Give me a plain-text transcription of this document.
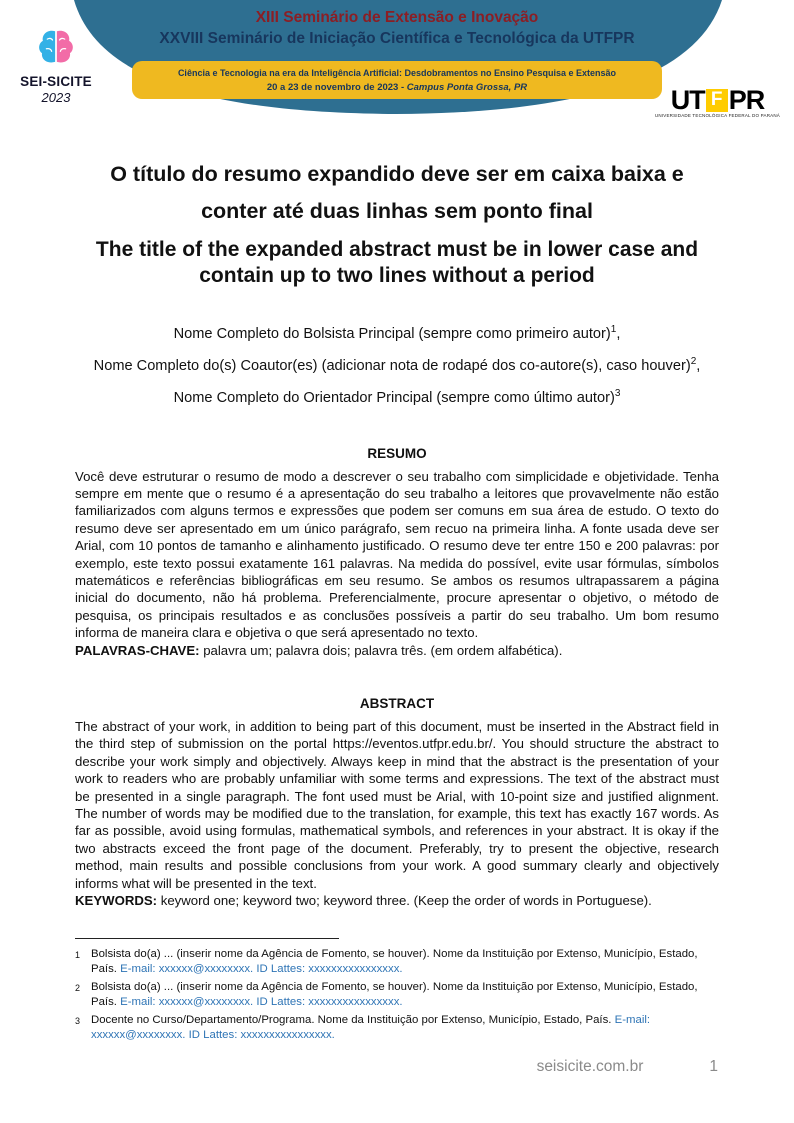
XIII Seminário de Extensão e Inovação
XXVIII Seminário de Iniciação Científica e Tecnológica da UTFPR
Ciência e Tecnologia na era da Inteligência Artificial: Desdobramentos no Ensino Pesquisa e Extensão
20 a 23 de novembro de 2023 - Campus Ponta Grossa, PR
SEI-SICITE
2023	UT F PR
UNIVERSIDADE TECNOLÓGICA FEDERAL DO PARANÁ
O título do resumo expandido deve ser em caixa baixa e
conter até duas linhas sem ponto final
The title of the expanded abstract must be in lower case and
contain up to two lines without a period
Nome Completo do Bolsista Principal (sempre como primeiro autor)$^1$,
Nome Completo do(s) Coautor(es) (adicionar nota de rodapé dos co-autore(s), caso houver)$^2$,
Nome Completo do Orientador Principal (sempre como último autor)$^3$
RESUMO
Você deve estruturar o resumo de modo a descrever o seu trabalho com simplicidade e objetividade. Tenha sempre em mente que o resumo é a apresentação do seu trabalho a leitores que provavelmente não estão familiarizados com alguns termos e expressões que podem ser comuns em sua área de estudo. O texto do resumo deve ser apresentado em um único parágrafo, sem recuo na primeira linha. A fonte usada deve ser Arial, com 10 pontos de tamanho e alinhamento justificado. O resumo deve ter entre 150 e 200 palavras: por exemplo, este texto possui exatamente 161 palavras. Na medida do possível, evite usar fórmulas, símbolos matemáticos e referências bibliográficas em seu resumo. Se ambos os resumos ultrapassarem a página inicial do documento, não há problema. Preferencialmente, procure apresentar o objetivo, o método de pesquisa, os principais resultados e as conclusões possíveis a partir do seu trabalho. Um bom resumo informa de maneira clara e objetiva o que será apresentado no texto.
PALAVRAS-CHAVE: palavra um; palavra dois; palavra três. (em ordem alfabética).
ABSTRACT
The abstract of your work, in addition to being part of this document, must be inserted in the Abstract field in the third step of submission on the portal https://eventos.utfpr.edu.br/. You should structure the abstract to describe your work simply and objectively. Always keep in mind that the abstract is the presentation of your work to readers who are probably unfamiliar with some terms and expressions. The text of the abstract must be presented in a single paragraph. The font used must be Arial, with 10-point size and justified alignment. The number of words may be modified due to the translation, for example, this text has exactly 167 words. As far as possible, avoid using formulas, mathematical symbols, and references in your abstract. It is okay if the two abstracts exceed the front page of the document. Preferably, try to present the objective, research method, main results and possible conclusions from your work. A good summary clearly and objectively informs what will be presented in the text.
KEYWORDS: keyword one; keyword two; keyword three. (Keep the order of words in Portuguese).
1 Bolsista do(a) ... (inserir nome da Agência de Fomento, se houver). Nome da Instituição por Extenso, Município, Estado, País. E-mail: xxxxxx@xxxxxxxx. ID Lattes: xxxxxxxxxxxxxxxx.
2 Bolsista do(a) ... (inserir nome da Agência de Fomento, se houver). Nome da Instituição por Extenso, Município, Estado, País. E-mail: xxxxxx@xxxxxxxx. ID Lattes: xxxxxxxxxxxxxxxx.
3 Docente no Curso/Departamento/Programa. Nome da Instituição por Extenso, Município, Estado, País. E-mail: xxxxxx@xxxxxxxx. ID Lattes: xxxxxxxxxxxxxxxx.
seisicite.com.br	1
